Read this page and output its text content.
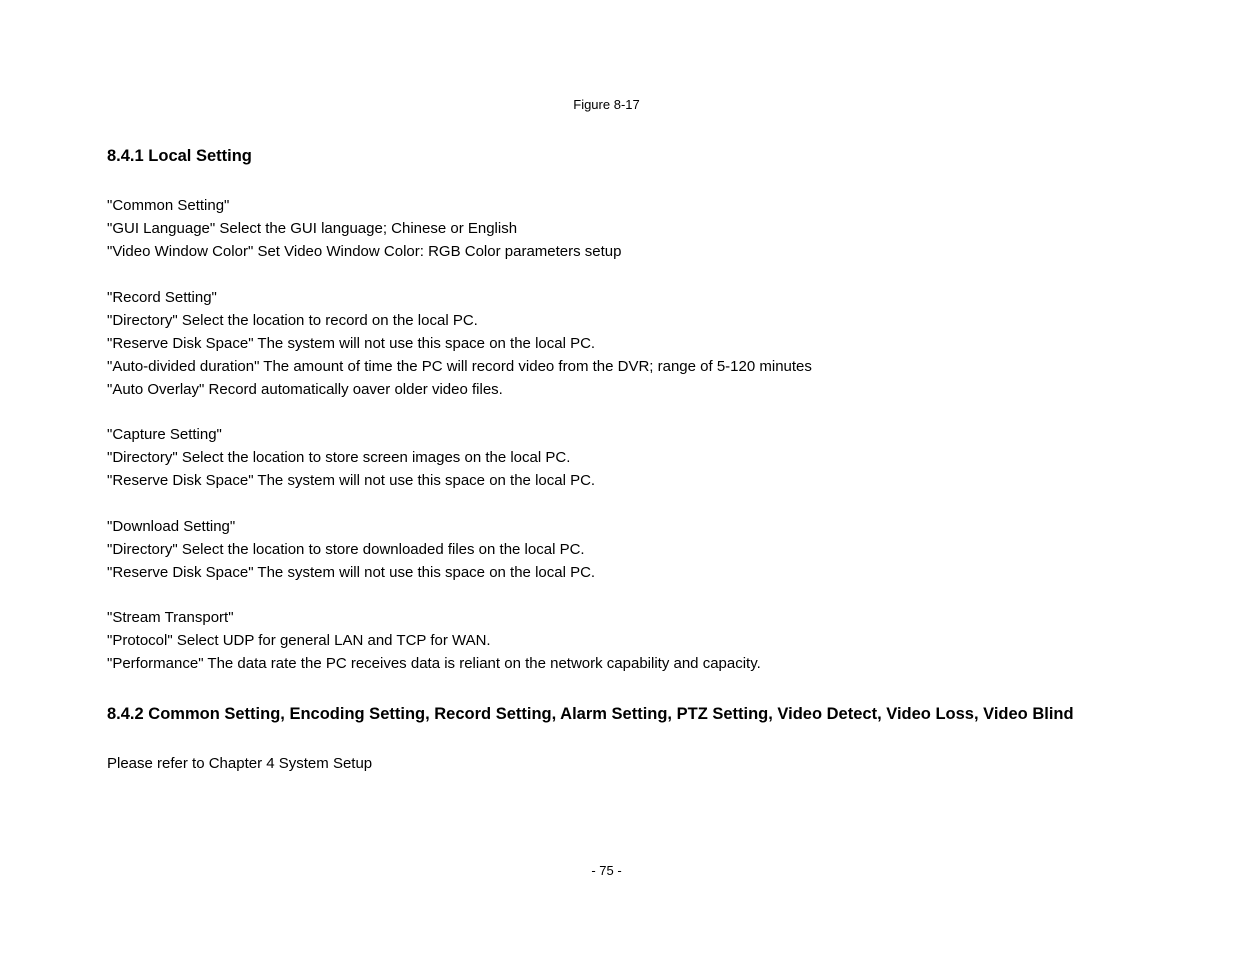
Figure 8-17
8.4.1 Local Setting
"Common Setting"
"GUI Language" Select the GUI language; Chinese or English
"Video Window Color" Set Video Window Color: RGB Color parameters setup
"Record Setting"
"Directory" Select the location to record on the local PC.
"Reserve Disk Space" The system will not use this space on the local PC.
"Auto-divided duration" The amount of time the PC will record video from the DVR; range of 5-120 minutes
"Auto Overlay" Record automatically oaver older video files.
"Capture Setting"
"Directory" Select the location to store screen images on the local PC.
"Reserve Disk Space" The system will not use this space on the local PC.
"Download Setting"
"Directory" Select the location to store downloaded files on the local PC.
"Reserve Disk Space" The system will not use this space on the local PC.
"Stream Transport"
"Protocol" Select UDP for general LAN and TCP for WAN.
"Performance" The data rate the PC receives data is reliant on the network capability and capacity.
8.4.2 Common Setting, Encoding Setting, Record Setting, Alarm Setting, PTZ Setting, Video Detect, Video Loss, Video Blind
Please refer to Chapter 4 System Setup
- 75 -
